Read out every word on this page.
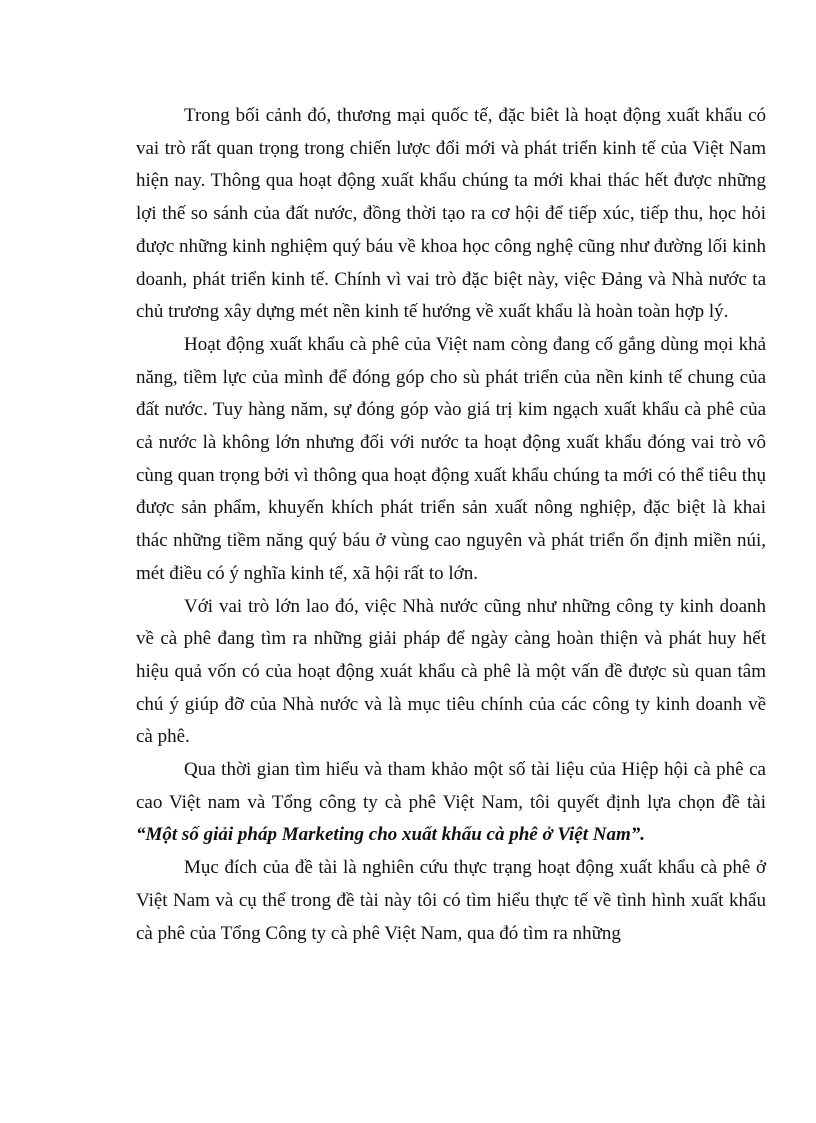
Trong bối cảnh đó, thương mại quốc tế, đặc biêt là hoạt động xuất khẩu có vai trò rất quan trọng trong chiến lược đổi mới và phát triển kinh tế của Việt Nam hiện nay. Thông qua hoạt động xuất khẩu chúng ta mới khai thác hết được những lợi thế so sánh của đất nước, đồng thời tạo ra cơ hội để tiếp xúc, tiếp thu, học hỏi được những kinh nghiệm quý báu về khoa học công nghệ cũng như đường lối kinh doanh, phát triển kinh tế. Chính vì vai trò đặc biệt này, việc Đảng và Nhà nước ta chủ trương xây dựng mét nền kinh tế hướng về xuất khẩu là hoàn toàn hợp lý.

Hoạt động xuất khẩu cà phê của Việt nam còng đang cố gắng dùng mọi khả năng, tiềm lực của mình để đóng góp cho sù phát triển của nền kinh tế chung của đất nước. Tuy hàng năm, sự đóng góp vào giá trị kim ngạch xuất khẩu cà phê của cả nước là không lớn nhưng đối với nước ta hoạt động xuất khẩu đóng vai trò vô cùng quan trọng bởi vì thông qua hoạt động xuất khẩu chúng ta mới có thể tiêu thụ được sản phẩm, khuyến khích phát triển sản xuất nông nghiệp, đặc biệt là khai thác những tiềm năng quý báu ở vùng cao nguyên và phát triển ổn định miền núi, mét điều có ý nghĩa kinh tế, xã hội rất to lớn.

Với vai trò lớn lao đó, việc Nhà nước cũng như những công ty kinh doanh về cà phê đang tìm ra những giải pháp để ngày càng hoàn thiện và phát huy hết hiệu quả vốn có của hoạt động xuát khẩu cà phê là một vấn đề được sù quan tâm chú ý giúp đỡ của Nhà nước và là mục tiêu chính của các công ty kinh doanh về cà phê.

Qua thời gian tìm hiểu và tham khảo một số tài liệu của Hiệp hội cà phê ca cao Việt nam và Tổng công ty cà phê Việt Nam, tôi quyết định lựa chọn đề tài “Một số giải pháp Marketing cho xuất khẩu cà phê ở Việt Nam”.

Mục đích của đề tài là nghiên cứu thực trạng hoạt động xuất khẩu cà phê ở Việt Nam và cụ thể trong đề tài này tôi có tìm hiểu thực tế về tình hình xuất khẩu cà phê của Tổng Công ty cà phê Việt Nam, qua đó tìm ra những
